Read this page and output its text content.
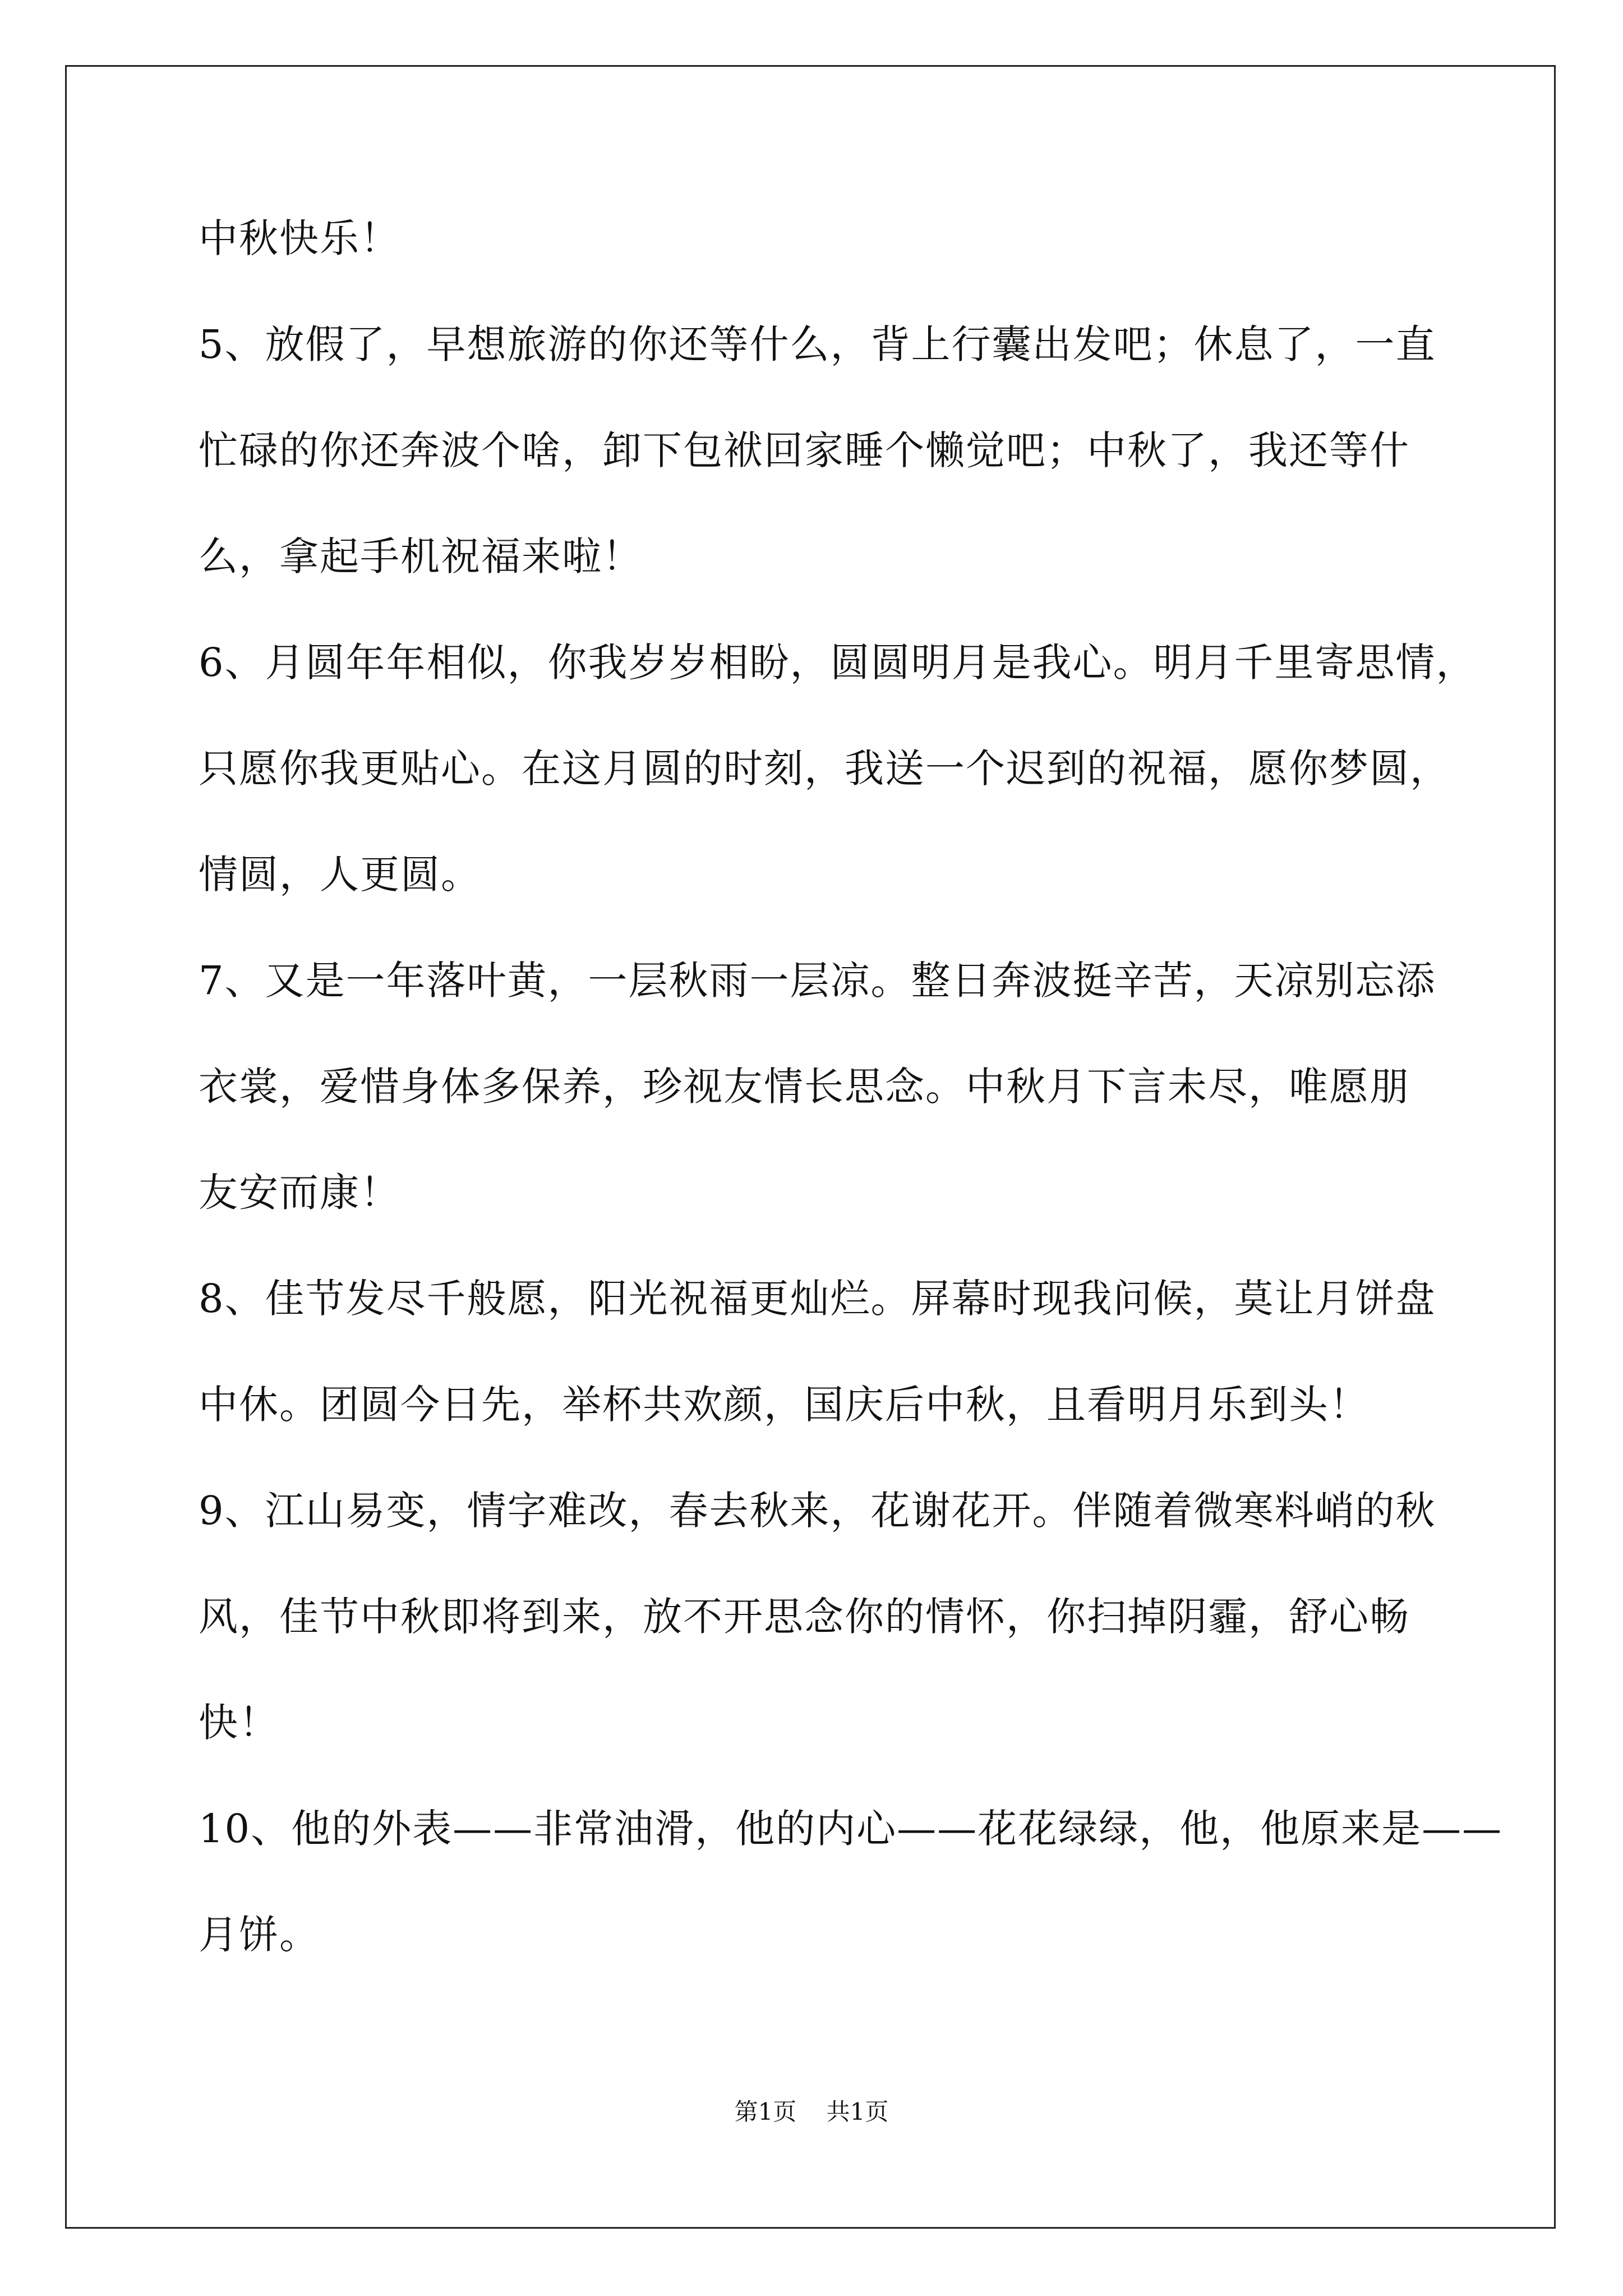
中秋快乐！
5、放假了，早想旅游的你还等什么，背上行囊出发吧；休息了，一直
忙碌的你还奔波个啥，卸下包袱回家睡个懒觉吧；中秋了，我还等什
么，拿起手机祝福来啦！
6、月圆年年相似，你我岁岁相盼，圆圆明月是我心。明月千里寄思情，
只愿你我更贴心。在这月圆的时刻，我送一个迟到的祝福，愿你梦圆，
情圆，人更圆。
7、又是一年落叶黄，一层秋雨一层凉。整日奔波挺辛苦，天凉别忘添
衣裳，爱惜身体多保养，珍视友情长思念。中秋月下言未尽，唯愿朋
友安而康！
8、佳节发尽千般愿，阳光祝福更灿烂。屏幕时现我问候，莫让月饼盘
中休。团圆今日先，举杯共欢颜，国庆后中秋，且看明月乐到头！
9、江山易变，情字难改，春去秋来，花谢花开。伴随着微寒料峭的秋
风，佳节中秋即将到来，放不开思念你的情怀，你扫掉阴霾，舒心畅
快！
10、他的外表——非常油滑，他的内心——花花绿绿，他，他原来是——
月饼。
第1页 共1页
